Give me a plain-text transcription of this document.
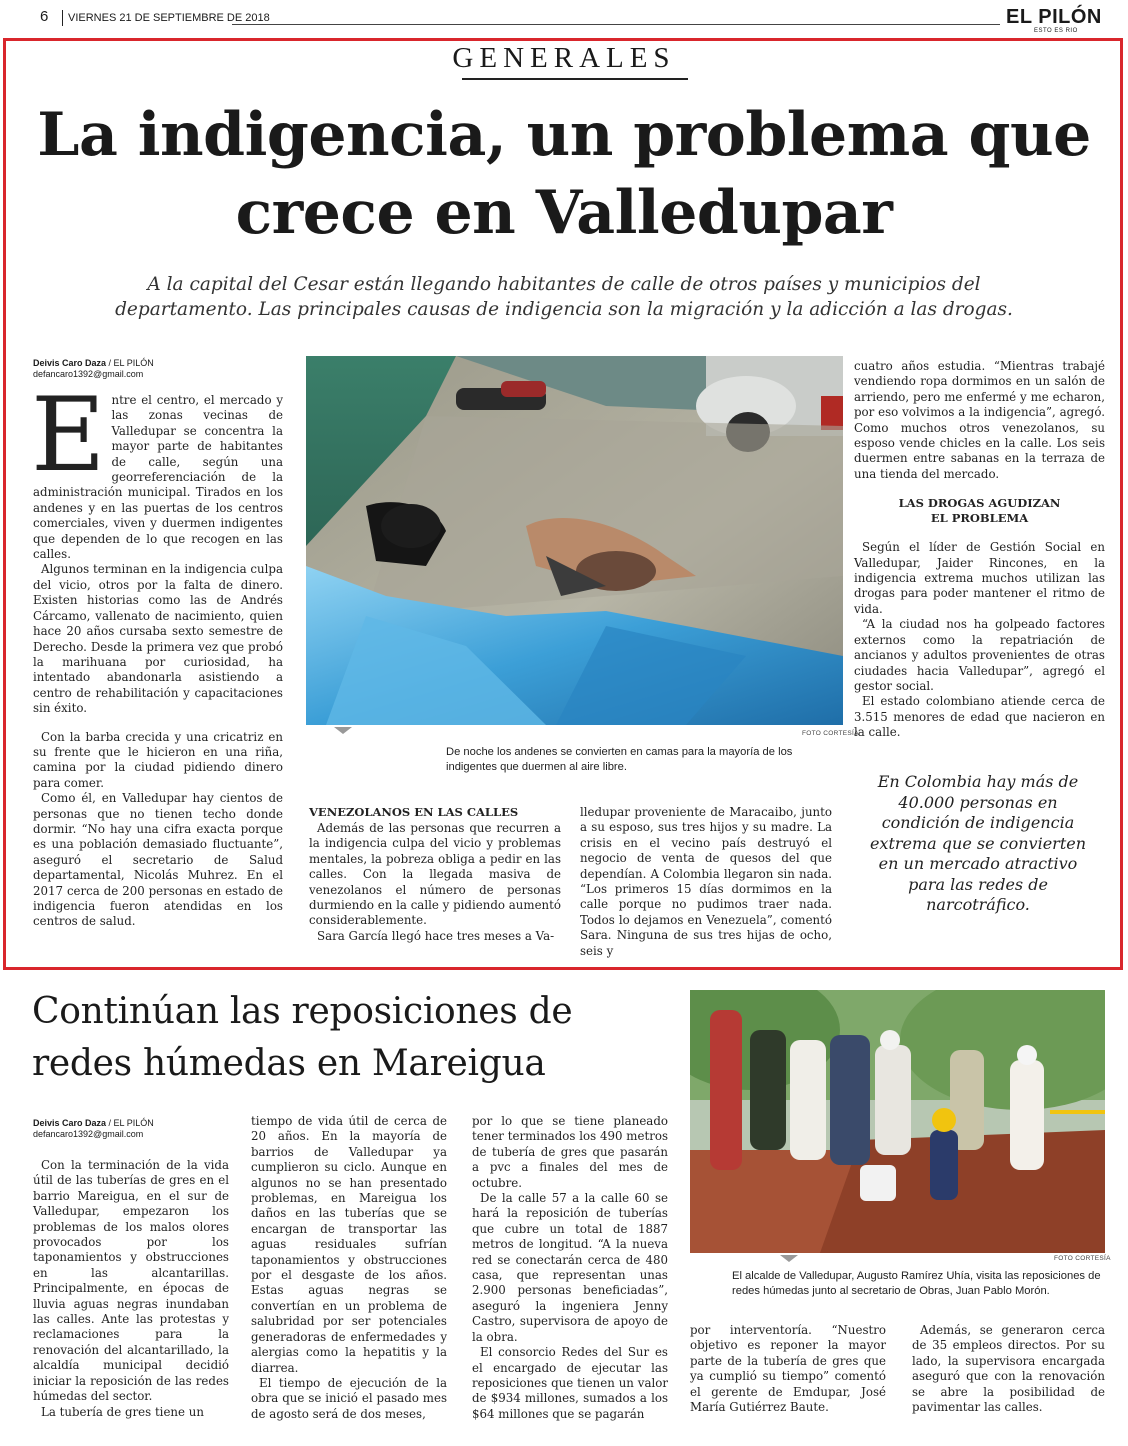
6 VIERNES 21 DE SEPTIEMBRE DE 2018	EL PILÓN
ESTO ES RIO
GENERALES
La indigencia, un problema que
crece en Valledupar
A la capital del Cesar están llegando habitantes de calle de otros países y municipios del
departamento. Las principales causas de indigencia son la migración y la adicción a las drogas.
Deivis Caro Daza / EL PILÓN
defancaro1392@gmail.com

Entre el centro, el mercado y las zonas vecinas de Valledupar se concentra la mayor parte de habitantes de calle, según una georreferenciación de la administración municipal. Tirados en los andenes y en las puertas de los centros comerciales, viven y duermen indigentes que dependen de lo que recogen en las calles.

Algunos terminan en la indigencia culpa del vicio, otros por la falta de dinero. Existen historias como las de Andrés Cárcamo, vallenato de nacimiento, quien hace 20 años cursaba sexto semestre de Derecho. Desde la primera vez que probó la marihuana por curiosidad, ha intentado abandonarla asistiendo a centro de rehabilitación y capacitaciones sin éxito.

Con la barba crecida y una cricatriz en su frente que le hicieron en una riña, camina por la ciudad pidiendo dinero para comer.

Como él, en Valledupar hay cientos de personas que no tienen techo donde dormir. “No hay una cifra exacta porque es una población demasiado fluctuante”, aseguró el secretario de Salud departamental, Nicolás Muhrez. En el 2017 cerca de 200 personas en estado de indigencia fueron atendidas en los centros de salud.

FOTO CORTESÍA
De noche los andenes se convierten en camas para la mayoría de los
indigentes que duermen al aire libre.
VENEZOLANOS EN LAS CALLES

Además de las personas que recurren a la indigencia culpa del vicio y problemas mentales, la pobreza obliga a pedir en las calles. Con la llegada masiva de venezolanos el número de personas durmiendo en la calle y pidiendo aumentó considerablemente.

Sara García llegó hace tres meses a Va-

lledupar proveniente de Maracaibo, junto a su esposo, sus tres hijos y su madre. La crisis en el vecino país destruyó el negocio de venta de quesos del que dependían. A Colombia llegaron sin nada. “Los primeros 15 días dormimos en la calle porque no pudimos traer nada. Todos lo dejamos en Venezuela”, comentó Sara. Ninguna de sus tres hijas de ocho, seis y

cuatro años estudia. “Mientras trabajé vendiendo ropa dormimos en un salón de arriendo, pero me enfermé y me echaron, por eso volvimos a la indigencia”, agregó. Como muchos otros venezolanos, su esposo vende chicles en la calle. Los seis duermen entre sabanas en la terraza de una tienda del mercado.

LAS DROGAS AGUDIZAN
EL PROBLEMA

Según el líder de Gestión Social en Valledupar, Jaider Rincones, en la indigencia extrema muchos utilizan las drogas para poder mantener el ritmo de vida.

“A la ciudad nos ha golpeado factores externos como la repatriación de ancianos y adultos provenientes de otras ciudades hacia Valledupar”, agregó el gestor social.

El estado colombiano atiende cerca de 3.515 menores de edad que nacieron en la calle.

En Colombia hay más de 40.000 personas en condición de indigencia extrema que se convierten en un mercado atractivo para las redes de narcotráfico.
Continúan las reposiciones de
redes húmedas en Mareigua
Deivis Caro Daza / EL PILÓN
defancaro1392@gmail.com

Con la terminación de la vida útil de las tuberías de gres en el barrio Mareigua, en el sur de Valledupar, empezaron los problemas de los malos olores provocados por los taponamientos y obstrucciones en las alcantarillas. Principalmente, en épocas de lluvia aguas negras inundaban las calles. Ante las protestas y reclamaciones para la renovación del alcantarillado, la alcaldía municipal decidió iniciar la reposición de las redes húmedas del sector.

La tubería de gres tiene un

tiempo de vida útil de cerca de 20 años. En la mayoría de barrios de Valledupar ya cumplieron su ciclo. Aunque en algunos no se han presentado problemas, en Mareigua los daños en las tuberías que se encargan de transportar las aguas residuales sufrían taponamientos y obstrucciones por el desgaste de los años. Estas aguas negras se convertían en un problema de salubridad por ser potenciales generadoras de enfermedades y alergias como la hepatitis y la diarrea.

El tiempo de ejecución de la obra que se inició el pasado mes de agosto será de dos meses,

por lo que se tiene planeado tener terminados los 490 metros de tubería de gres que pasarán a pvc a finales del mes de octubre.

De la calle 57 a la calle 60 se hará la reposición de tuberías que cubre un total de 1887 metros de longitud. “A la nueva red se conectarán cerca de 480 casa, que representan unas 2.900 personas beneficiadas”, aseguró la ingeniera Jenny Castro, supervisora de apoyo de la obra.

El consorcio Redes del Sur es el encargado de ejecutar las reposiciones que tienen un valor de $934 millones, sumados a los $64 millones que se pagarán

FOTO CORTESÍA
El alcalde de Valledupar, Augusto Ramírez Uhía, visita las reposiciones de
redes húmedas junto al secretario de Obras, Juan Pablo Morón.

por interventoría. “Nuestro objetivo es reponer la mayor parte de la tubería de gres que ya cumplió su tiempo” comentó el gerente de Emdupar, José María Gutiérrez Baute.

Además, se generaron cerca de 35 empleos directos. Por su lado, la supervisora encargada aseguró que con la renovación se abre la posibilidad de pavimentar las calles.
